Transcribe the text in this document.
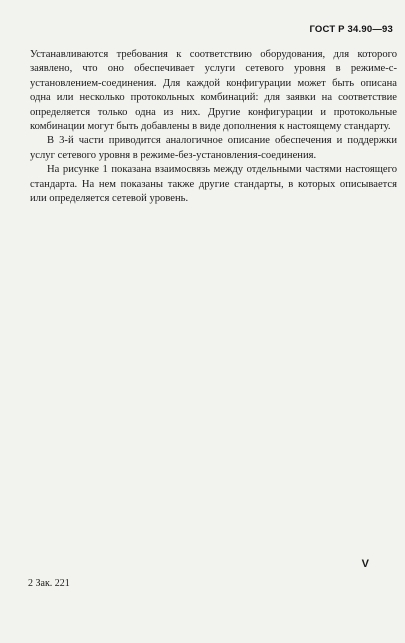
ГОСТ Р 34.90—93

Устанавливаются требования к соответствию оборудования, для которого заявлено, что оно обеспечивает услуги сетевого уровня в режиме-с-установлением-соединения. Для каждой конфигурации может быть описана одна или несколько протокольных комбинаций: для заявки на соответствие определяется только одна из них. Другие конфигурации и протокольные комбинации могут быть добавлены в виде дополнения к настоящему стандарту.

В 3-й части приводится аналогичное описание обеспечения и поддержки услуг сетевого уровня в режиме-без-установления-соединения.

На рисунке 1 показана взаимосвязь между отдельными частями настоящего стандарта. На нем показаны также другие стандарты, в которых описывается или определяется сетевой уровень.

V
2 Зак. 221
